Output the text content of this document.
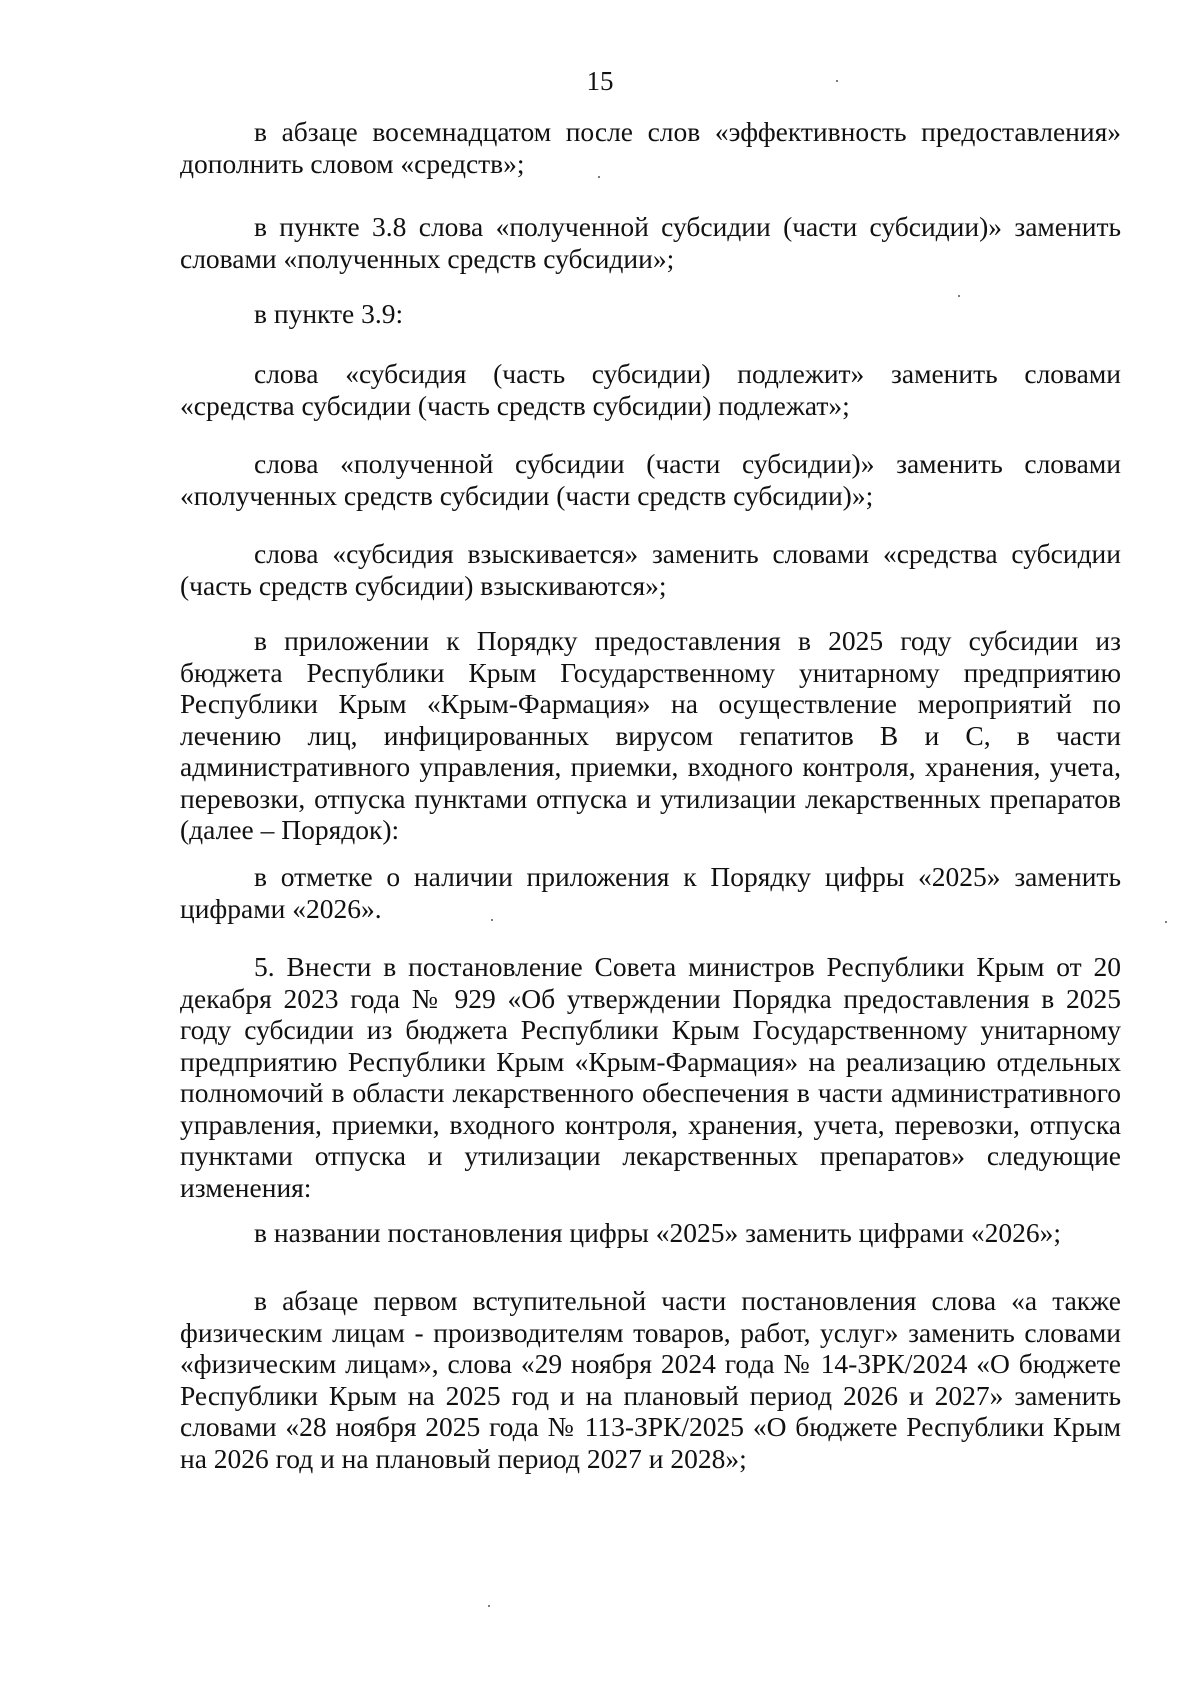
15

в абзаце восемнадцатом после слов «эффективность предоставления» дополнить словом «средств»;

в пункте 3.8 слова «полученной субсидии (части субсидии)» заменить словами «полученных средств субсидии»;

в пункте 3.9:

слова «субсидия (часть субсидии) подлежит» заменить словами «средства субсидии (часть средств субсидии) подлежат»;

слова «полученной субсидии (части субсидии)» заменить словами «полученных средств субсидии (части средств субсидии)»;

слова «субсидия взыскивается» заменить словами «средства субсидии (часть средств субсидии) взыскиваются»;

в приложении к Порядку предоставления в 2025 году субсидии из бюджета Республики Крым Государственному унитарному предприятию Республики Крым «Крым-Фармация» на осуществление мероприятий по лечению лиц, инфицированных вирусом гепатитов В и С, в части административного управления, приемки, входного контроля, хранения, учета, перевозки, отпуска пунктами отпуска и утилизации лекарственных препаратов (далее – Порядок):

в отметке о наличии приложения к Порядку цифры «2025» заменить цифрами «2026».

5. Внести в постановление Совета министров Республики Крым от 20 декабря 2023 года № 929 «Об утверждении Порядка предоставления в 2025 году субсидии из бюджета Республики Крым Государственному унитарному предприятию Республики Крым «Крым-Фармация» на реализацию отдельных полномочий в области лекарственного обеспечения в части административного управления, приемки, входного контроля, хранения, учета, перевозки, отпуска пунктами отпуска и утилизации лекарственных препаратов» следующие изменения:

в названии постановления цифры «2025» заменить цифрами «2026»;

в абзаце первом вступительной части постановления слова «а также физическим лицам - производителям товаров, работ, услуг» заменить словами «физическим лицам», слова «29 ноября 2024 года № 14-ЗРК/2024 «О бюджете Республики Крым на 2025 год и на плановый период 2026 и 2027» заменить словами «28 ноября 2025 года № 113-ЗРК/2025 «О бюджете Республики Крым на 2026 год и на плановый период 2027 и 2028»;
